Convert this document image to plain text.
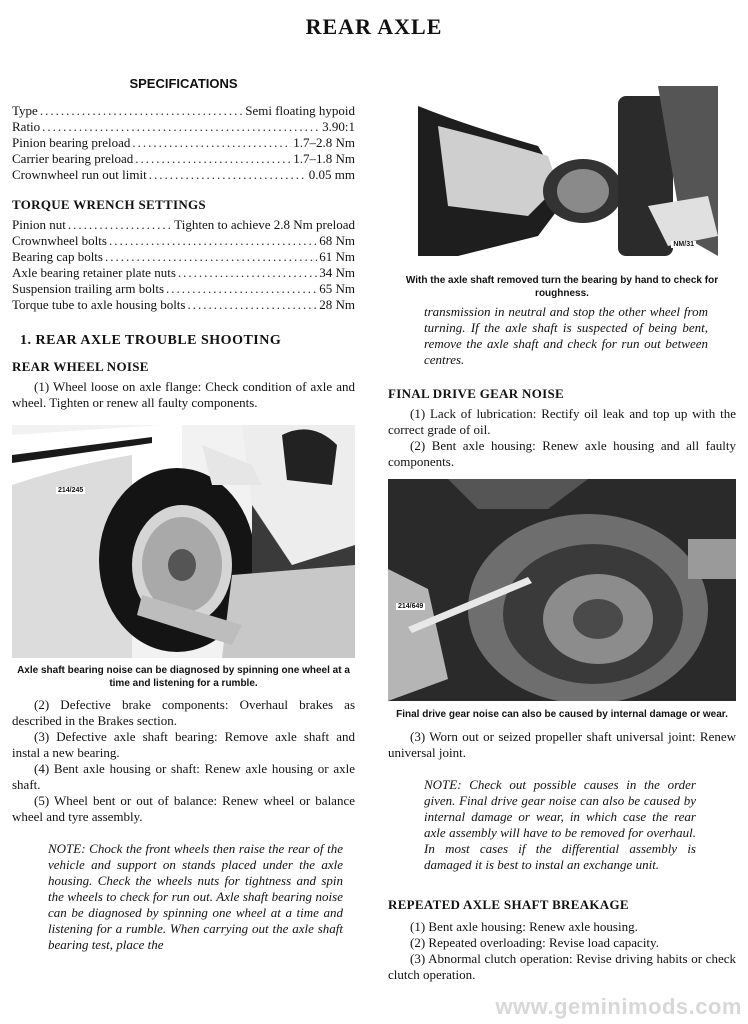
REAR AXLE
SPECIFICATIONS
Type .....	Semi floating hypoid
Ratio .....	3.90:1
Pinion bearing preload .....	1.7–2.8 Nm
Carrier bearing preload .....	1.7–1.8 Nm
Crownwheel run out limit .....	0.05 mm
TORQUE WRENCH SETTINGS
Pinion nut .....	Tighten to achieve 2.8 Nm preload
Crownwheel bolts .....	68 Nm
Bearing cap bolts .....	61 Nm
Axle bearing retainer plate nuts .....	34 Nm
Suspension trailing arm bolts .....	65 Nm
Torque tube to axle housing bolts .....	28 Nm
1. REAR AXLE TROUBLE SHOOTING
REAR WHEEL NOISE

(1) Wheel loose on axle flange: Check condition of axle and wheel. Tighten or renew all faulty components.

214/245
Axle shaft bearing noise can be diagnosed by spinning one wheel at a time and listening for a rumble.

(2) Defective brake components: Overhaul brakes as described in the Brakes section.

(3) Defective axle shaft bearing: Remove axle shaft and instal a new bearing.

(4) Bent axle housing or shaft: Renew axle housing or axle shaft.

(5) Wheel bent or out of balance: Renew wheel or balance wheel and tyre assembly.

NOTE: Chock the front wheels then raise the rear of the vehicle and support on stands placed under the axle housing. Check the wheels nuts for tightness and spin the wheels to check for run out. Axle shaft bearing noise can be diagnosed by spinning one wheel at a time and listening for a rumble. When carrying out the axle shaft bearing test, place the

NM/31
With the axle shaft removed turn the bearing by hand to check for roughness.

transmission in neutral and stop the other wheel from turning. If the axle shaft is suspected of being bent, remove the axle shaft and check for run out between centres.

FINAL DRIVE GEAR NOISE

(1) Lack of lubrication: Rectify oil leak and top up with the correct grade of oil.

(2) Bent axle housing: Renew axle housing and all faulty components.

214/649
Final drive gear noise can also be caused by internal damage or wear.

(3) Worn out or seized propeller shaft universal joint: Renew universal joint.

NOTE: Check out possible causes in the order given. Final drive gear noise can also be caused by internal damage or wear, in which case the rear axle assembly will have to be removed for overhaul. In most cases if the differential assembly is damaged it is best to instal an exchange unit.

REPEATED AXLE SHAFT BREAKAGE

(1) Bent axle housing: Renew axle housing.

(2) Repeated overloading: Revise load capacity.

(3) Abnormal clutch operation: Revise driving habits or check clutch operation.

www.geminimods.com
